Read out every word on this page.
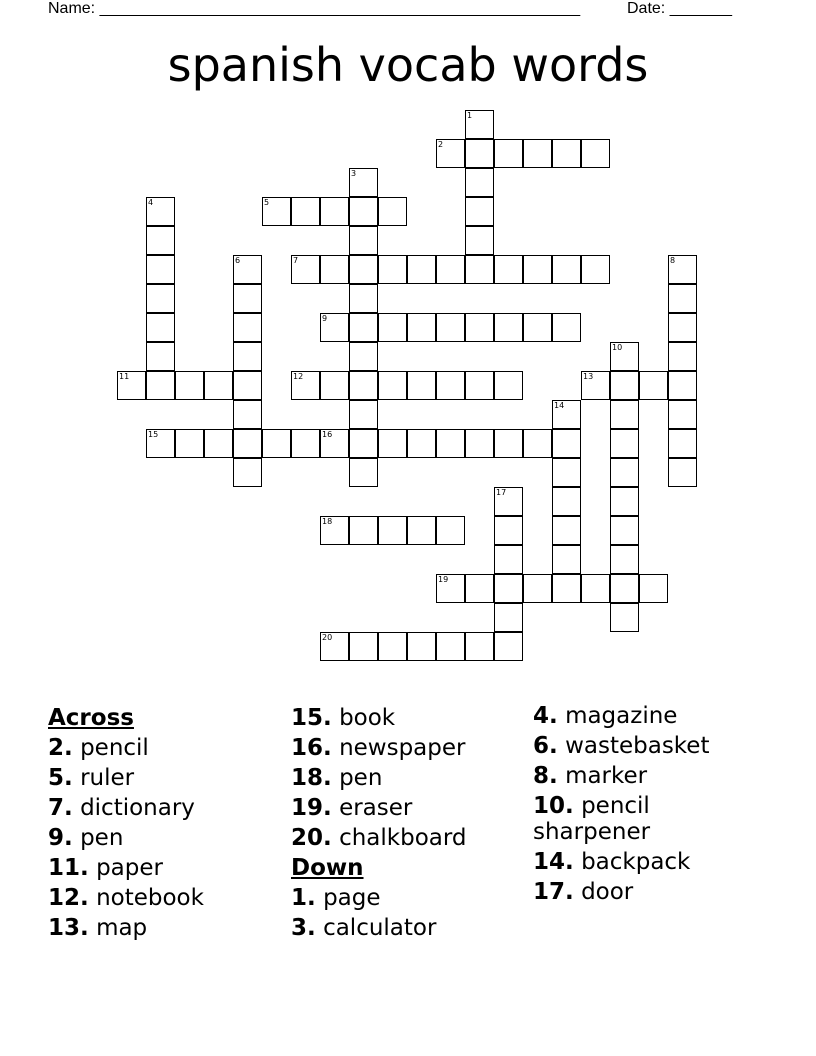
Name: ______________________________________________________	Date: _______
spanish vocab words
1
2
3
4	5
6	7	8
9
10
11	12	13
14
15	16
17
18
19
20
Across
2. pencil
5. ruler
7. dictionary
9. pen
11. paper
12. notebook
13. map
15. book
16. newspaper
18. pen
19. eraser
20. chalkboard
Down
1. page
3. calculator
4. magazine
6. wastebasket
8. marker
10. pencil
sharpener
14. backpack
17. door
